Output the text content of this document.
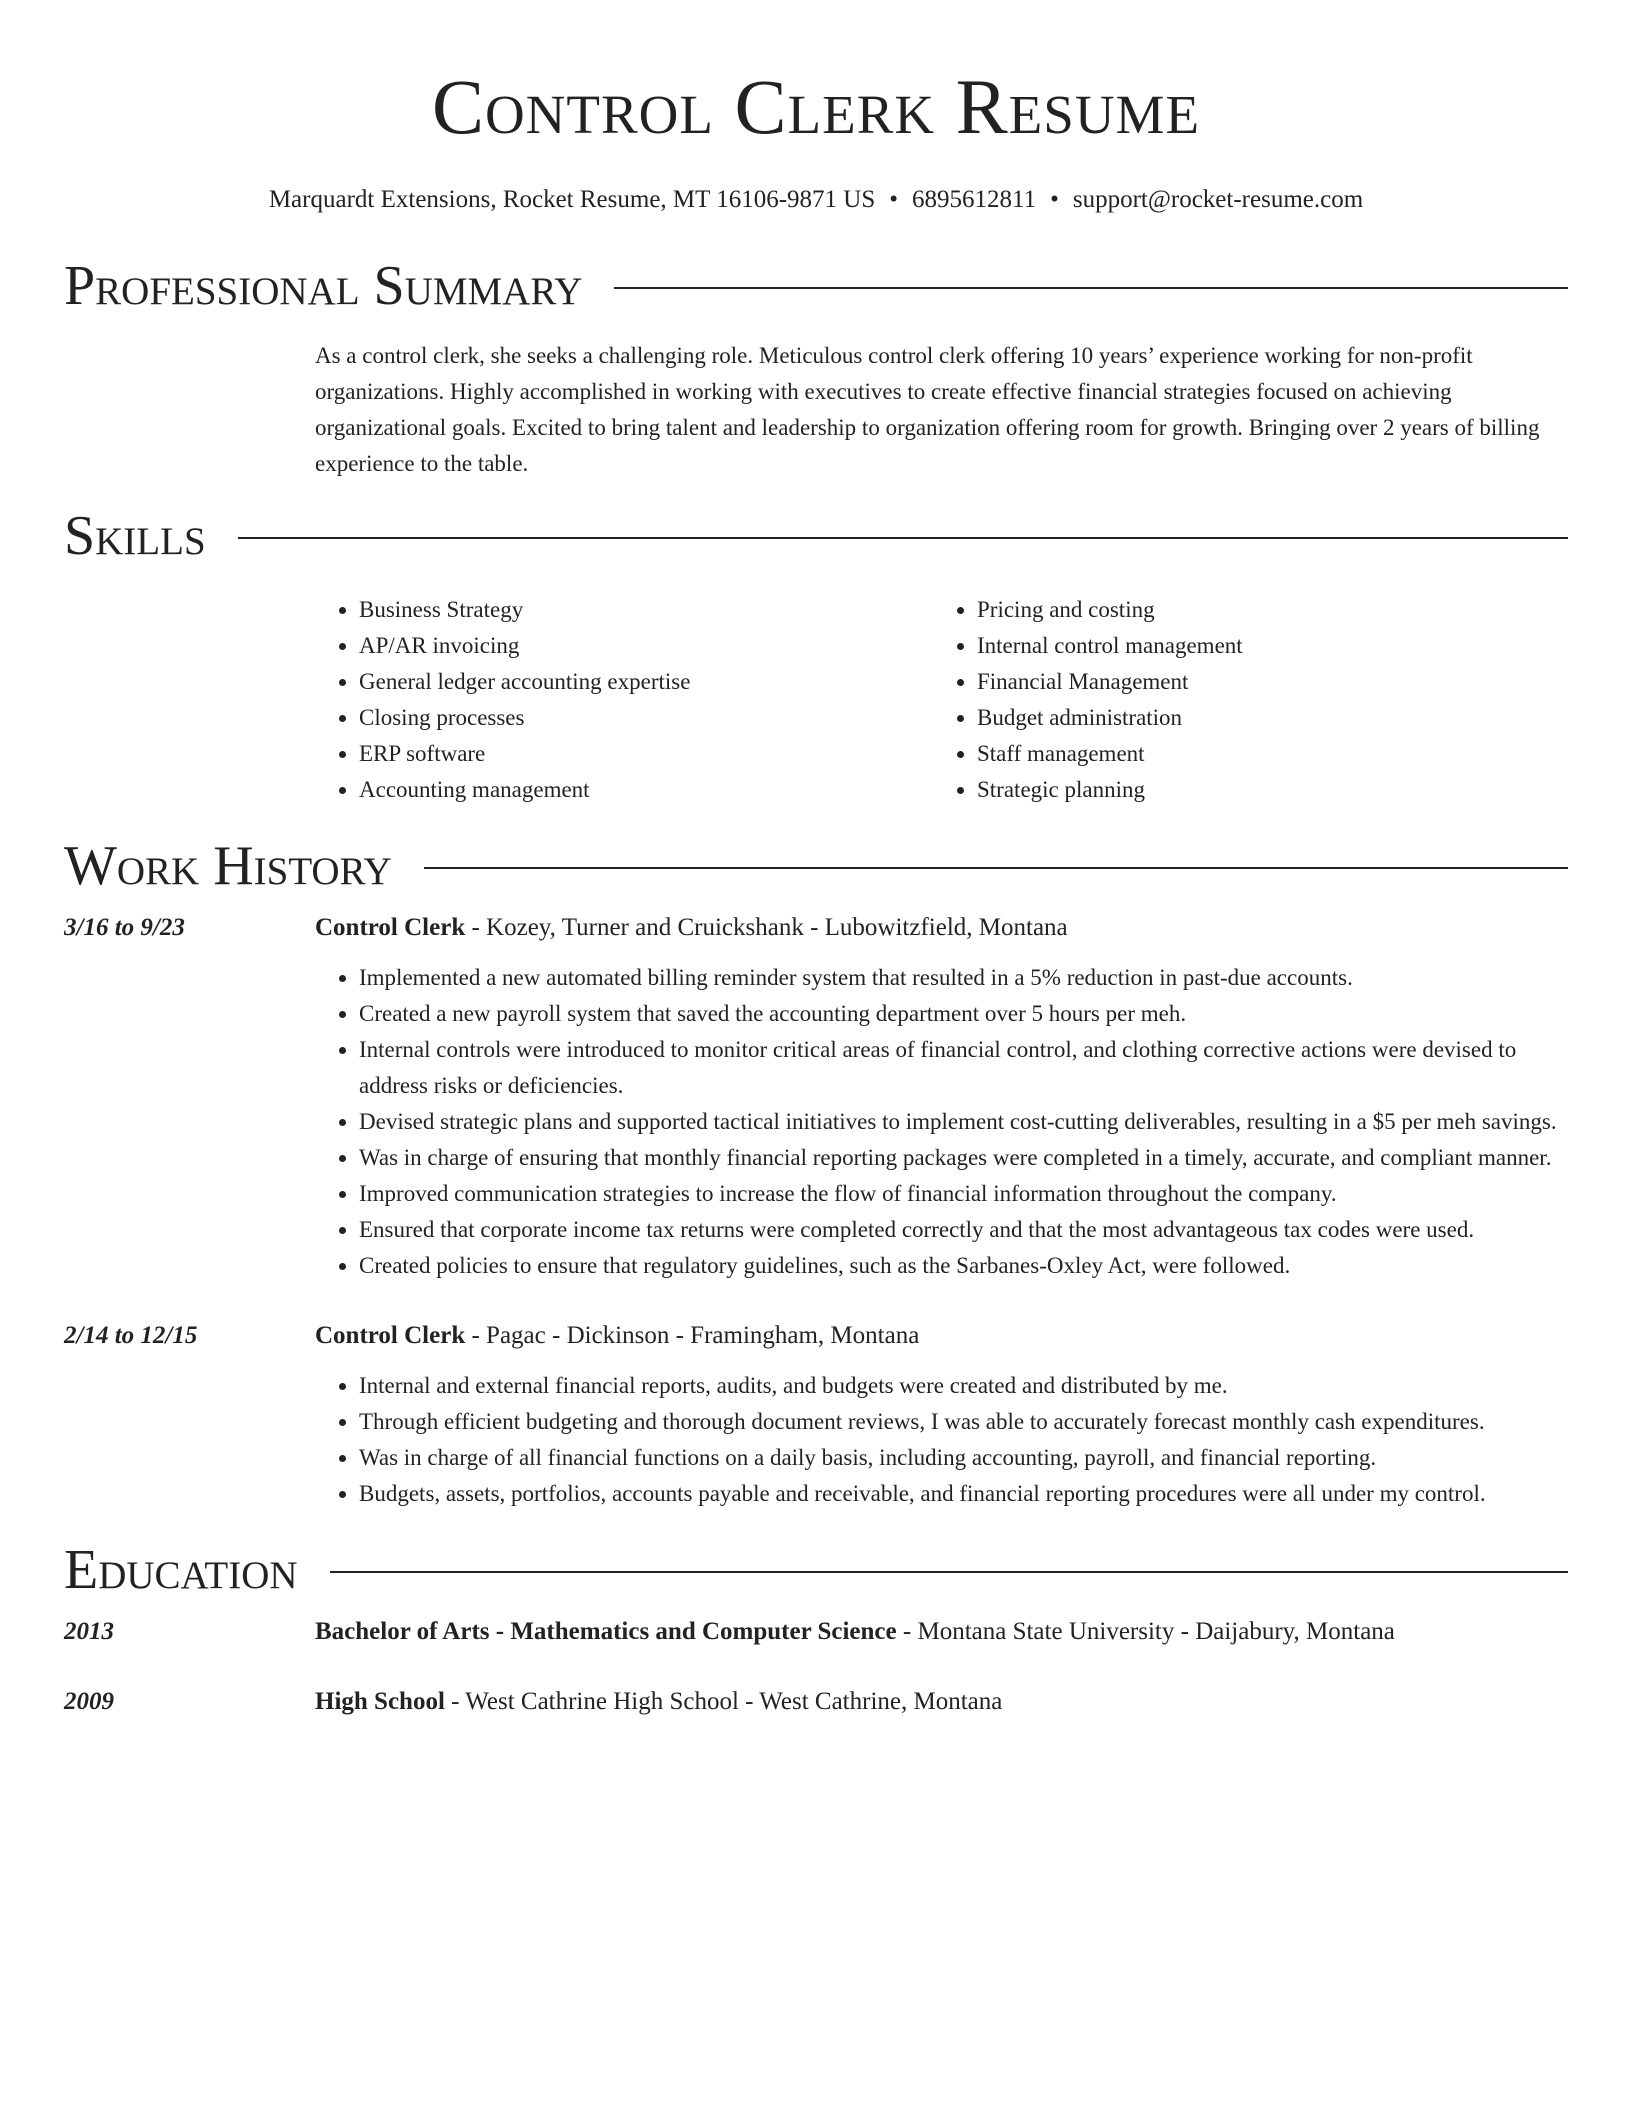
Control Clerk Resume
Marquardt Extensions, Rocket Resume, MT 16106-9871 US • 6895612811 • support@rocket-resume.com
Professional Summary
As a control clerk, she seeks a challenging role. Meticulous control clerk offering 10 years’ experience working for non-profit organizations. Highly accomplished in working with executives to create effective financial strategies focused on achieving organizational goals. Excited to bring talent and leadership to organization offering room for growth. Bringing over 2 years of billing experience to the table.
Skills
• Business Strategy
• AP/AR invoicing
• General ledger accounting expertise
• Closing processes
• ERP software
• Accounting management
• Pricing and costing
• Internal control management
• Financial Management
• Budget administration
• Staff management
• Strategic planning
Work History
3/16 to 9/23	Control Clerk - Kozey, Turner and Cruickshank - Lubowitzfield, Montana
• Implemented a new automated billing reminder system that resulted in a 5% reduction in past-due accounts.
• Created a new payroll system that saved the accounting department over 5 hours per meh.
• Internal controls were introduced to monitor critical areas of financial control, and clothing corrective actions were devised to address risks or deficiencies.
• Devised strategic plans and supported tactical initiatives to implement cost-cutting deliverables, resulting in a $5 per meh savings.
• Was in charge of ensuring that monthly financial reporting packages were completed in a timely, accurate, and compliant manner.
• Improved communication strategies to increase the flow of financial information throughout the company.
• Ensured that corporate income tax returns were completed correctly and that the most advantageous tax codes were used.
• Created policies to ensure that regulatory guidelines, such as the Sarbanes-Oxley Act, were followed.
2/14 to 12/15	Control Clerk - Pagac - Dickinson - Framingham, Montana
• Internal and external financial reports, audits, and budgets were created and distributed by me.
• Through efficient budgeting and thorough document reviews, I was able to accurately forecast monthly cash expenditures.
• Was in charge of all financial functions on a daily basis, including accounting, payroll, and financial reporting.
• Budgets, assets, portfolios, accounts payable and receivable, and financial reporting procedures were all under my control.
Education
2013	Bachelor of Arts - Mathematics and Computer Science - Montana State University - Daijabury, Montana
2009	High School - West Cathrine High School - West Cathrine, Montana
